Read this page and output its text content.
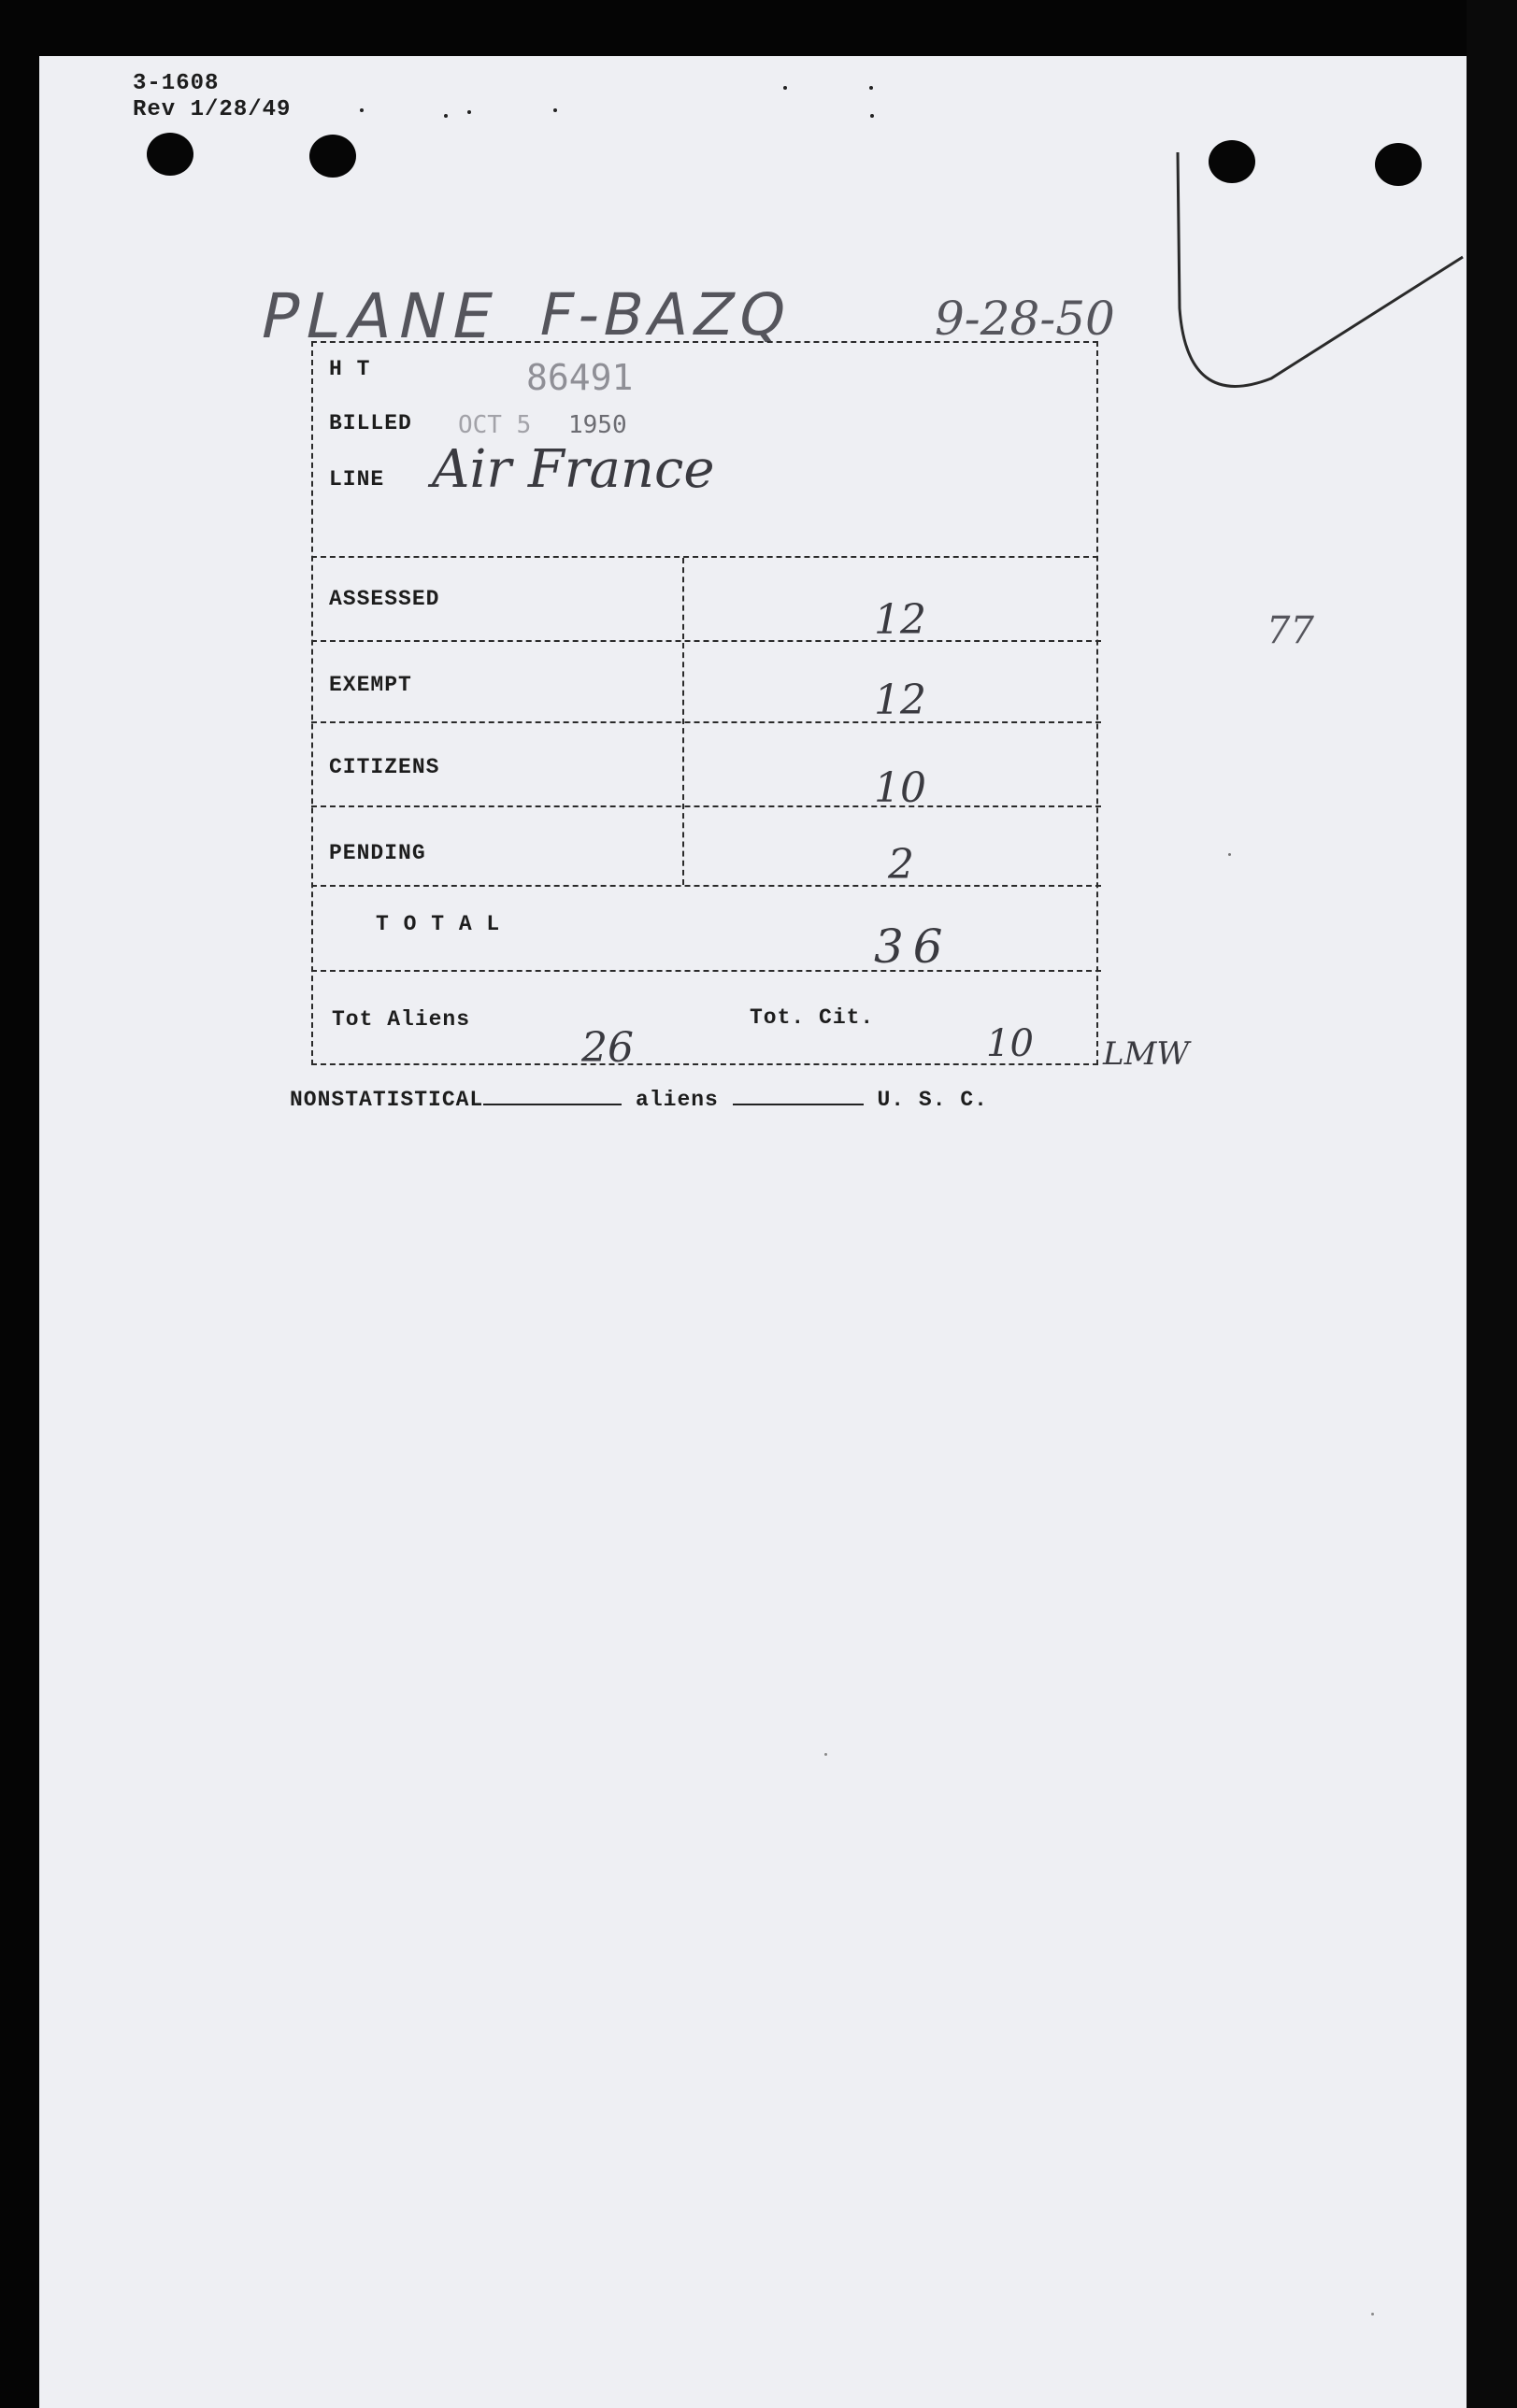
3-1608
Rev 1/28/49
PLANE F-BAZQ	9-28-50
H T	86491
BILLED OCT 5 1950
LINE Air France
ASSESSED	12
EXEMPT	12
CITIZENS	10
PENDING	2
T O T A L	36
Tot Aliens
26
Tot. Cit.
10 LMW
77
NONSTATISTICAL	aliens	U. S. C.
